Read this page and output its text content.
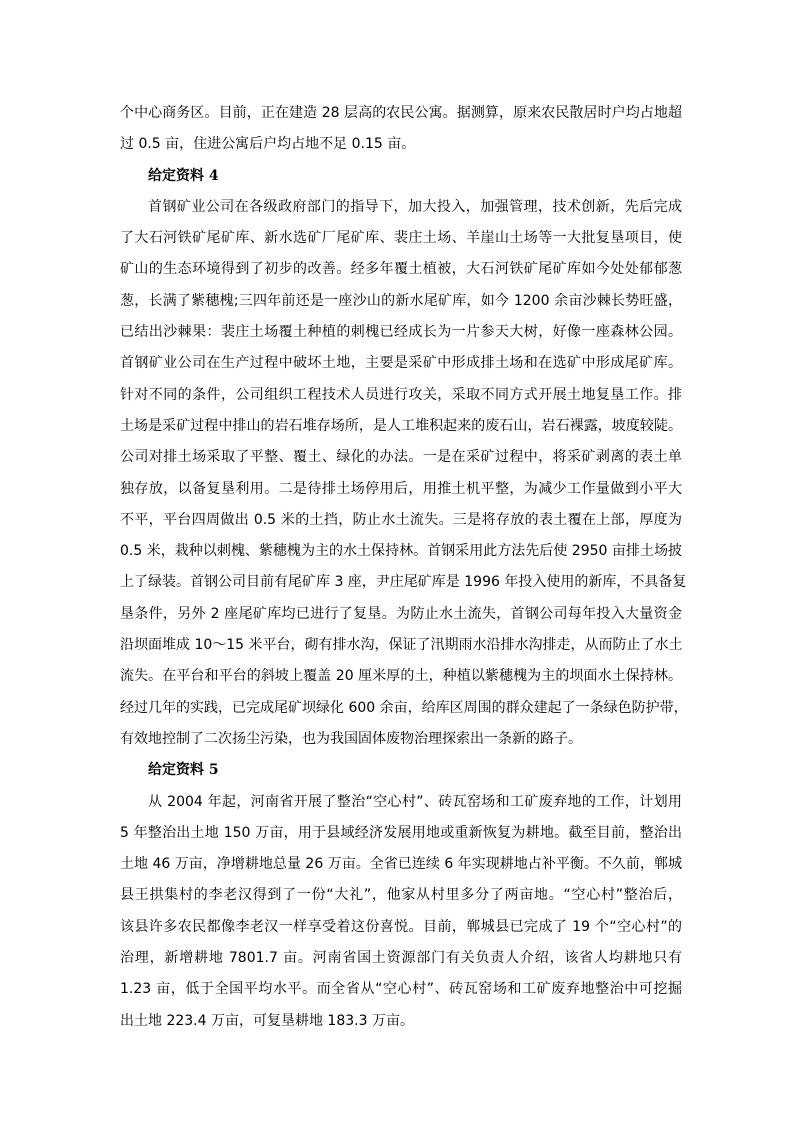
个中心商务区。目前，正在建造 28 层高的农民公寓。据测算，原来农民散居时户均占地超
过 0.5 亩，住进公寓后户均占地不足 0.15 亩。
给定资料 4
首钢矿业公司在各级政府部门的指导下，加大投入，加强管理，技术创新，先后完成
了大石河铁矿尾矿库、新水选矿厂尾矿库、裴庄土场、羊崖山土场等一大批复垦项目，使
矿山的生态环境得到了初步的改善。经多年覆土植被，大石河铁矿尾矿库如今处处郁郁葱
葱，长满了紫穗槐;三四年前还是一座沙山的新水尾矿库，如今 1200 余亩沙棘长势旺盛，
已结出沙棘果：裴庄土场覆土种植的刺槐已经成长为一片参天大树，好像一座森林公园。
首钢矿业公司在生产过程中破坏土地，主要是采矿中形成排土场和在选矿中形成尾矿库。
针对不同的条件，公司组织工程技术人员进行攻关，采取不同方式开展土地复垦工作。排
土场是采矿过程中排山的岩石堆存场所，是人工堆积起来的废石山，岩石裸露，坡度较陡。
公司对排土场采取了平整、覆土、绿化的办法。一是在采矿过程中，将采矿剥离的表土单
独存放，以备复垦利用。二是待排土场停用后，用推土机平整，为减少工作量做到小平大
不平，平台四周做出 0.5 米的土挡，防止水土流失。三是将存放的表土覆在上部，厚度为
0.5 米，栽种以刺槐、紫穗槐为主的水土保持林。首钢采用此方法先后使 2950 亩排土场披
上了绿装。首钢公司目前有尾矿库 3 座，尹庄尾矿库是 1996 年投入使用的新库，不具备复
垦条件，另外 2 座尾矿库均已进行了复垦。为防止水土流失，首钢公司每年投入大量资金
沿坝面堆成 10～15 米平台，砌有排水沟，保证了汛期雨水沿排水沟排走，从而防止了水土
流失。在平台和平台的斜坡上覆盖 20 厘米厚的土，种植以紫穗槐为主的坝面水土保持林。
经过几年的实践，已完成尾矿坝绿化 600 余亩，给库区周围的群众建起了一条绿色防护带，
有效地控制了二次扬尘污染，也为我国固体废物治理探索出一条新的路子。
给定资料 5
从 2004 年起，河南省开展了整治“空心村”、砖瓦窑场和工矿废弃地的工作，计划用
5 年整治出土地 150 万亩，用于县域经济发展用地或重新恢复为耕地。截至目前，整治出
土地 46 万亩，净增耕地总量 26 万亩。全省已连续 6 年实现耕地占补平衡。不久前，郸城
县王拱集村的李老汉得到了一份“大礼”，他家从村里多分了两亩地。“空心村”整治后，
该县许多农民都像李老汉一样享受着这份喜悦。目前，郸城县已完成了 19 个“空心村”的
治理，新增耕地 7801.7 亩。河南省国土资源部门有关负责人介绍，该省人均耕地只有
1.23 亩，低于全国平均水平。而全省从“空心村”、砖瓦窑场和工矿废弃地整治中可挖掘
出土地 223.4 万亩，可复垦耕地 183.3 万亩。
